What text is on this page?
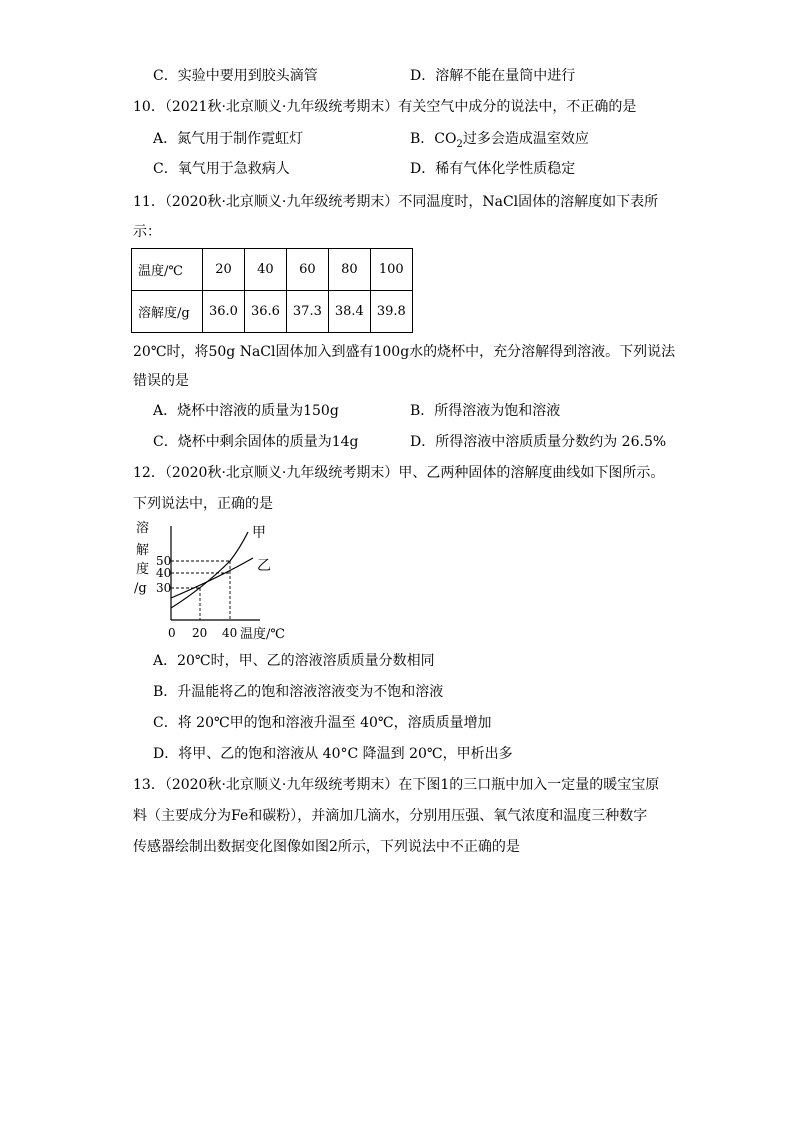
C．实验中要用到胶头滴管	D．溶解不能在量筒中进行
10．（2021秋·北京顺义·九年级统考期末）有关空气中成分的说法中，不正确的是
A．氮气用于制作霓虹灯	B．$CO_2$过多会造成温室效应
C．氧气用于急救病人	D．稀有气体化学性质稳定
11．（2020秋·北京顺义·九年级统考期末）不同温度时，NaCl固体的溶解度如下表所
示：
温度/℃	20	40	60	80	100
溶解度/g	36.0	36.6	37.3	38.4	39.8
20℃时，将50g NaCl固体加入到盛有100g水的烧杯中，充分溶解得到溶液。下列说法
错误的是
A．烧杯中溶液的质量为150g	B．所得溶液为饱和溶液
C．烧杯中剩余固体的质量为14g	D．所得溶液中溶质质量分数约为 26.5%
12．（2020秋·北京顺义·九年级统考期末）甲、乙两种固体的溶解度曲线如下图所示。
下列说法中，正确的是
溶
解
度
/g
50
40
30
甲
乙
0 20 40 温度/℃
A．20℃时，甲、乙的溶液溶质质量分数相同
B．升温能将乙的饱和溶液溶液变为不饱和溶液
C．将 20℃甲的饱和溶液升温至 40℃，溶质质量增加
D．将甲、乙的饱和溶液从 40°C 降温到 20℃，甲析出多
13．（2020秋·北京顺义·九年级统考期末）在下图1的三口瓶中加入一定量的暖宝宝原
料（主要成分为Fe和碳粉），并滴加几滴水，分别用压强、氧气浓度和温度三种数字
传感器绘制出数据变化图像如图2所示，下列说法中不正确的是
